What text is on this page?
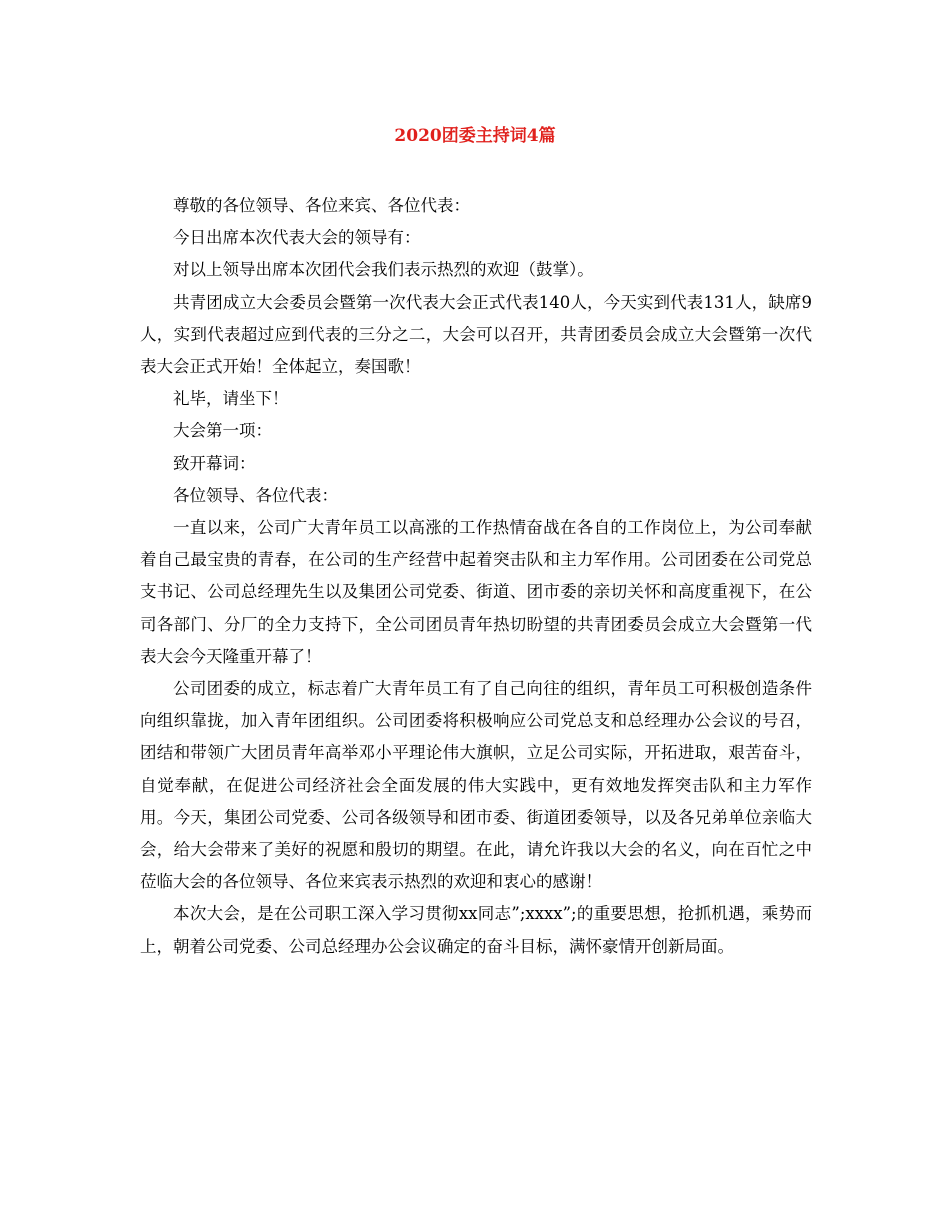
2020团委主持词4篇

尊敬的各位领导、各位来宾、各位代表：

今日出席本次代表大会的领导有：

对以上领导出席本次团代会我们表示热烈的欢迎（鼓掌）。

共青团成立大会委员会暨第一次代表大会正式代表140人，今天实到代表131人，缺席9人，实到代表超过应到代表的三分之二，大会可以召开，共青团委员会成立大会暨第一次代表大会正式开始！全体起立，奏国歌！

礼毕，请坐下！

大会第一项：

致开幕词：

各位领导、各位代表：

一直以来，公司广大青年员工以高涨的工作热情奋战在各自的工作岗位上，为公司奉献着自己最宝贵的青春，在公司的生产经营中起着突击队和主力军作用。公司团委在公司党总支书记、公司总经理先生以及集团公司党委、街道、团市委的亲切关怀和高度重视下，在公司各部门、分厂的全力支持下，全公司团员青年热切盼望的共青团委员会成立大会暨第一代表大会今天隆重开幕了！

公司团委的成立，标志着广大青年员工有了自己向往的组织，青年员工可积极创造条件向组织靠拢，加入青年团组织。公司团委将积极响应公司党总支和总经理办公会议的号召，团结和带领广大团员青年高举邓小平理论伟大旗帜，立足公司实际，开拓进取，艰苦奋斗，自觉奉献，在促进公司经济社会全面发展的伟大实践中，更有效地发挥突击队和主力军作用。今天，集团公司党委、公司各级领导和团市委、街道团委领导，以及各兄弟单位亲临大会，给大会带来了美好的祝愿和殷切的期望。在此，请允许我以大会的名义，向在百忙之中莅临大会的各位领导、各位来宾表示热烈的欢迎和衷心的感谢！

本次大会，是在公司职工深入学习贯彻xx同志”;xxxx”;的重要思想，抢抓机遇，乘势而上，朝着公司党委、公司总经理办公会议确定的奋斗目标，满怀豪情开创新局面。
